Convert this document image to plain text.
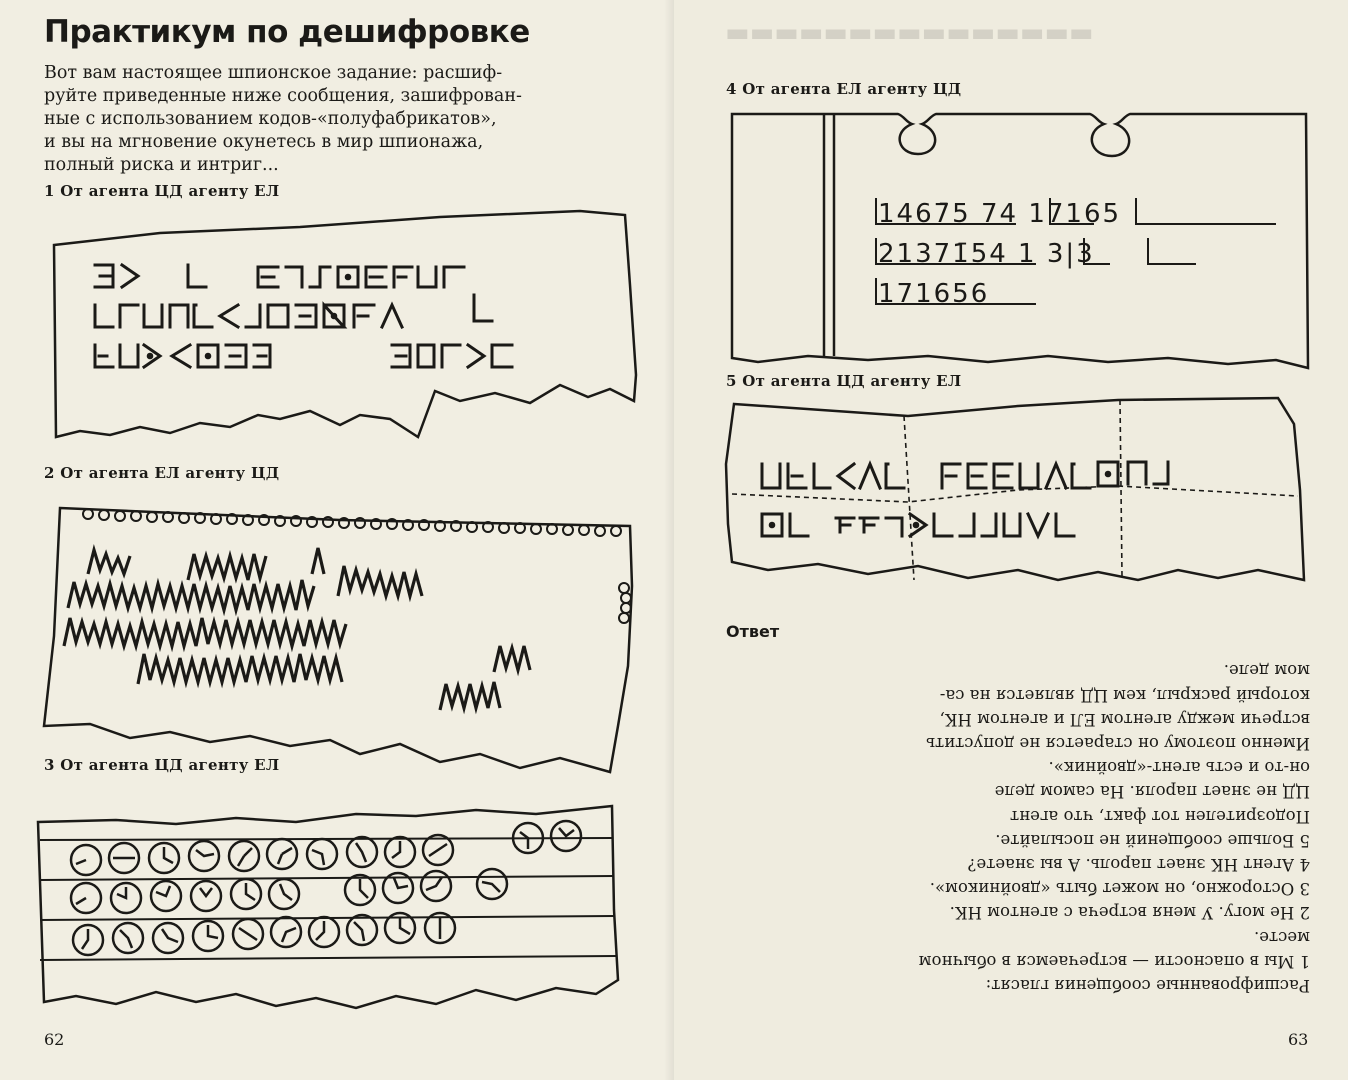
Практикум по дешифровке
Вот вам настоящее шпионское задание: расшиф-
руйте приведенные ниже сообщения, зашифрован-
ные с использованием кодов-«полуфабрикатов»,
и вы на мгновение окунетесь в мир шпионажа,
полный риска и интриг...
1 От агента ЦД агенту ЕЛ
2 От агента ЕЛ агенту ЦД
3 От агента ЦД агенту ЕЛ
62
▬▬▬▬▬▬▬▬▬▬▬▬▬▬▬
4 От агента ЕЛ агенту ЦД
1467̄5 74 17165
21371̄54 1 3|3
171656
5 От агента ЦД агенту ЕЛ
Ответ
Расшифрованные сообщения гласят:
1 Мы в опасности — встречаемся в обычном
месте.
2 Не могу. У меня встреча с агентом НК.
3 Осторожно, он может быть «двойником».
4 Агент НК знает пароль. А вы знаете?
5 Больше сообщений не посылайте.
Подозрителен тот факт, что агент
ЦД не знает пароля. На самом деле
он-то и есть агент-«двойник».
Именно поэтому он старается не допустить
встречи между агентом ЕЛ и агентом НК,
который раскрыл, кем ЦД является на са-
мом деле.
63
